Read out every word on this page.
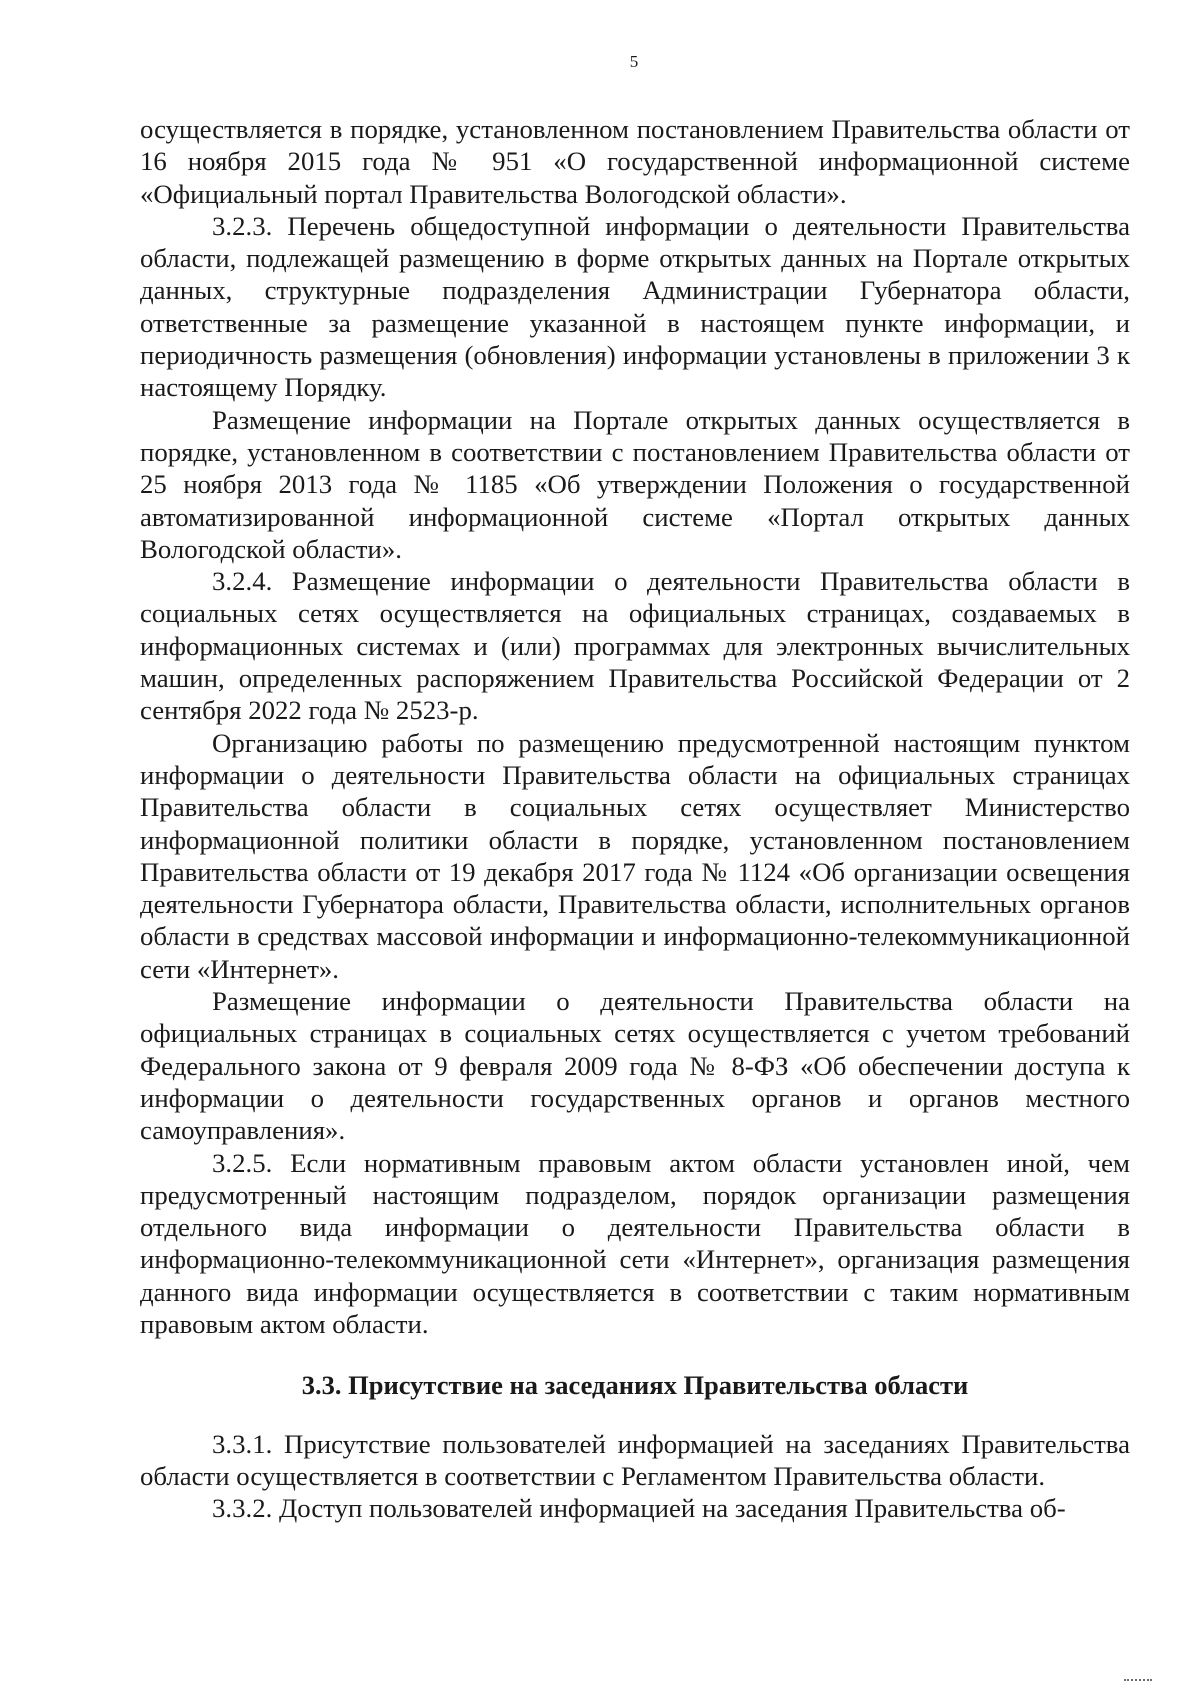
5

осуществляется в порядке, установленном постановлением Правительства области от 16 ноября 2015 года № 951 «О государственной информационной системе «Официальный портал Правительства Вологодской области».

3.2.3. Перечень общедоступной информации о деятельности Правительства области, подлежащей размещению в форме открытых данных на Портале открытых данных, структурные подразделения Администрации Губернатора области, ответственные за размещение указанной в настоящем пункте информации, и периодичность размещения (обновления) информации установлены в приложении 3 к настоящему Порядку.

Размещение информации на Портале открытых данных осуществляется в порядке, установленном в соответствии с постановлением Правительства области от 25 ноября 2013 года № 1185 «Об утверждении Положения о государственной автоматизированной информационной системе «Портал открытых данных Вологодской области».

3.2.4. Размещение информации о деятельности Правительства области в социальных сетях осуществляется на официальных страницах, создаваемых в информационных системах и (или) программах для электронных вычислительных машин, определенных распоряжением Правительства Российской Федерации от 2 сентября 2022 года № 2523-р.

Организацию работы по размещению предусмотренной настоящим пунктом информации о деятельности Правительства области на официальных страницах Правительства области в социальных сетях осуществляет Министерство информационной политики области в порядке, установленном постановлением Правительства области от 19 декабря 2017 года № 1124 «Об организации освещения деятельности Губернатора области, Правительства области, исполнительных органов области в средствах массовой информации и информационно-телекоммуникационной сети «Интернет».

Размещение информации о деятельности Правительства области на официальных страницах в социальных сетях осуществляется с учетом требований Федерального закона от 9 февраля 2009 года № 8-ФЗ «Об обеспечении доступа к информации о деятельности государственных органов и органов местного самоуправления».

3.2.5. Если нормативным правовым актом области установлен иной, чем предусмотренный настоящим подразделом, порядок организации размещения отдельного вида информации о деятельности Правительства области в информационно-телекоммуникационной сети «Интернет», организация размещения данного вида информации осуществляется в соответствии с таким нормативным правовым актом области.

3.3. Присутствие на заседаниях Правительства области

3.3.1. Присутствие пользователей информацией на заседаниях Правительства области осуществляется в соответствии с Регламентом Правительства области.

3.3.2. Доступ пользователей информацией на заседания Правительства об-
